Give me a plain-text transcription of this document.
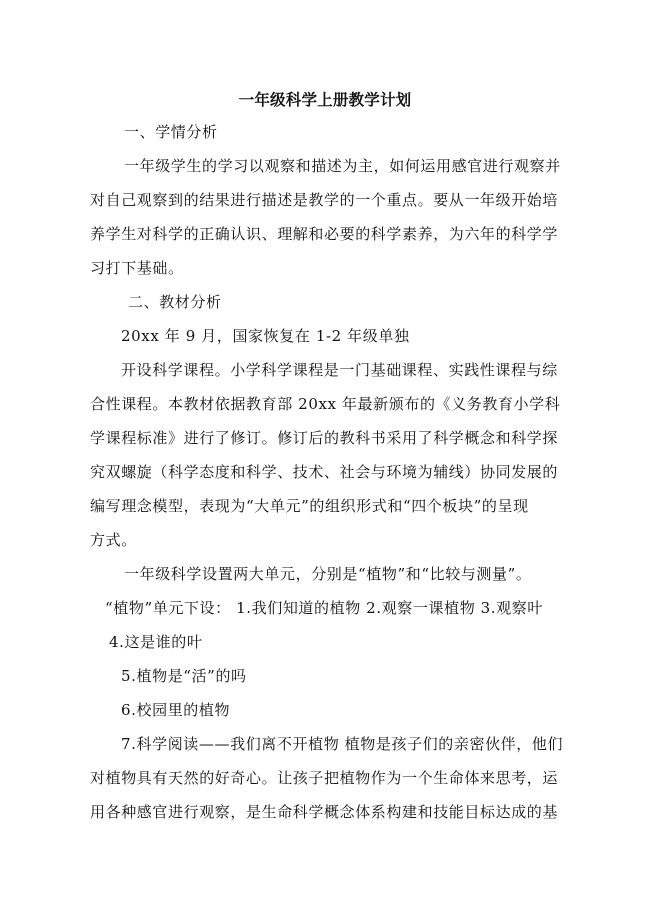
一年级科学上册教学计划
一、学情分析
一年级学生的学习以观察和描述为主，如何运用感官进行观察并
对自己观察到的结果进行描述是教学的一个重点。要从一年级开始培
养学生对科学的正确认识、理解和必要的科学素养，为六年的科学学
习打下基础。
二、教材分析
20xx 年 9 月，国家恢复在 1-2 年级单独
开设科学课程。小学科学课程是一门基础课程、实践性课程与综
合性课程。本教材依据教育部 20xx 年最新颁布的《义务教育小学科
学课程标准》进行了修订。修订后的教科书采用了科学概念和科学探
究双螺旋（科学态度和科学、技术、社会与环境为辅线）协同发展的
编写理念模型，表现为“大单元”的组织形式和“四个板块”的呈现
方式。
一年级科学设置两大单元，分别是“植物”和“比较与测量”。
“植物”单元下设： 1.我们知道的植物 2.观察一课植物 3.观察叶
4.这是谁的叶
5.植物是“活”的吗
6.校园里的植物
7.科学阅读——我们离不开植物 植物是孩子们的亲密伙伴，他们
对植物具有天然的好奇心。让孩子把植物作为一个生命体来思考，运
用各种感官进行观察，是生命科学概念体系构建和技能目标达成的基
